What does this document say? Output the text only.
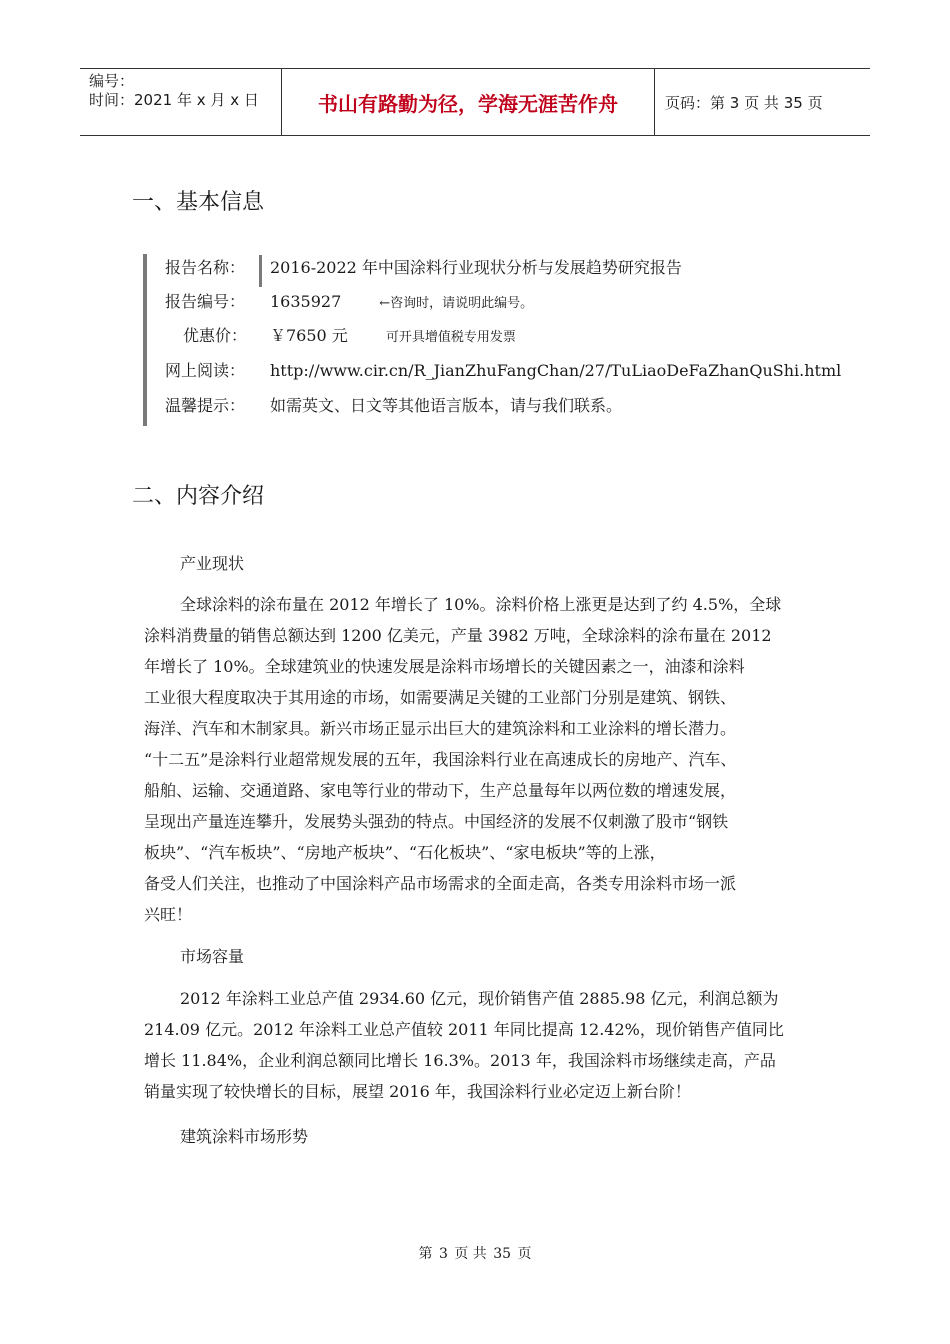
编号：
时间：2021 年 x 月 x 日	书山有路勤为径，学海无涯苦作舟	页码：第 3 页 共 35 页
一、基本信息
报告名称： 2016-2022 年中国涂料行业现状分析与发展趋势研究报告
报告编号： 1635927	←咨询时，请说明此编号。
优惠价： ￥7650 元	可开具增值税专用发票
网上阅读： http://www.cir.cn/R_JianZhuFangChan/27/TuLiaoDeFaZhanQuShi.html
温馨提示： 如需英文、日文等其他语言版本，请与我们联系。
二、内容介绍
产业现状
全球涂料的涂布量在 2012 年增长了 10%。涂料价格上涨更是达到了约 4.5%，全球
涂料消费量的销售总额达到 1200 亿美元，产量 3982 万吨，全球涂料的涂布量在 2012
年增长了 10%。全球建筑业的快速发展是涂料市场增长的关键因素之一，油漆和涂料
工业很大程度取决于其用途的市场，如需要满足关键的工业部门分别是建筑、钢铁、
海洋、汽车和木制家具。新兴市场正显示出巨大的建筑涂料和工业涂料的增长潜力。
“十二五”是涂料行业超常规发展的五年，我国涂料行业在高速成长的房地产、汽车、
船舶、运输、交通道路、家电等行业的带动下，生产总量每年以两位数的增速发展，
呈现出产量连连攀升，发展势头强劲的特点。中国经济的发展不仅刺激了股市“钢铁
板块”、“汽车板块”、“房地产板块”、“石化板块”、“家电板块”等的上涨，
备受人们关注，也推动了中国涂料产品市场需求的全面走高，各类专用涂料市场一派
兴旺！
市场容量
2012 年涂料工业总产值 2934.60 亿元，现价销售产值 2885.98 亿元，利润总额为
214.09 亿元。2012 年涂料工业总产值较 2011 年同比提高 12.42%，现价销售产值同比
增长 11.84%，企业利润总额同比增长 16.3%。2013 年，我国涂料市场继续走高，产品
销量实现了较快增长的目标，展望 2016 年，我国涂料行业必定迈上新台阶！
建筑涂料市场形势
第 3 页 共 35 页
